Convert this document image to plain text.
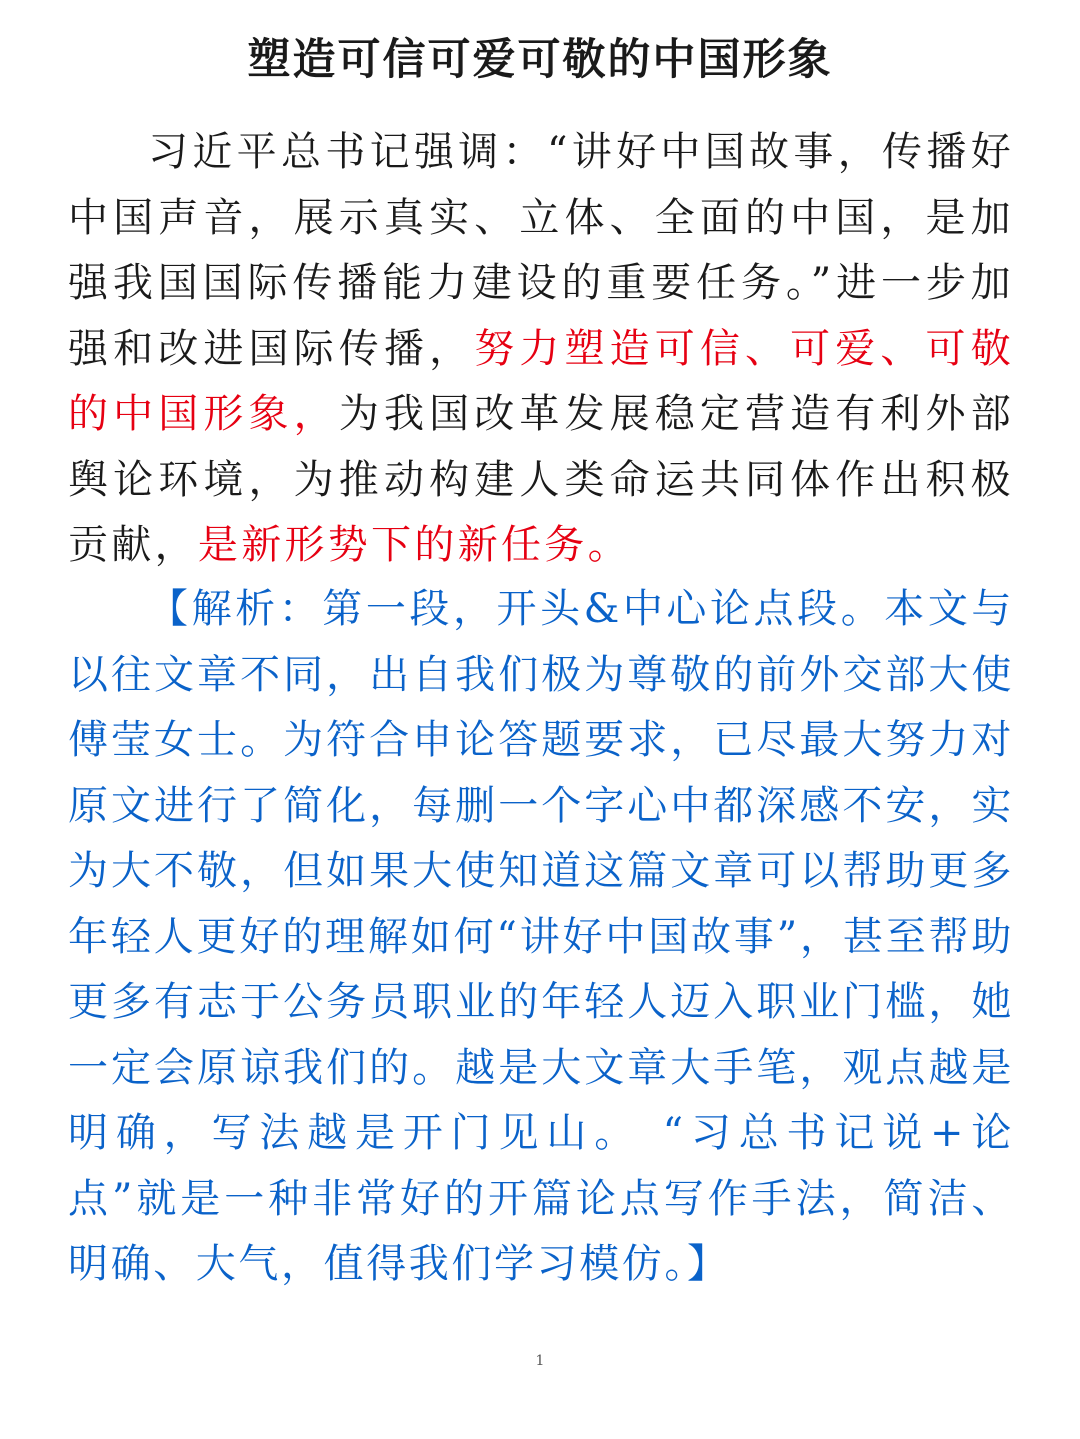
塑造可信可爱可敬的中国形象

习近平总书记强调：“讲好中国故事，传播好中国声音，展示真实、立体、全面的中国，是加强我国国际传播能力建设的重要任务。”进一步加强和改进国际传播，努力塑造可信、可爱、可敬的中国形象，为我国改革发展稳定营造有利外部舆论环境，为推动构建人类命运共同体作出积极贡献，是新形势下的新任务。

【解析：第一段，开头&中心论点段。本文与以往文章不同，出自我们极为尊敬的前外交部大使傅莹女士。为符合申论答题要求，已尽最大努力对原文进行了简化，每删一个字心中都深感不安，实为大不敬，但如果大使知道这篇文章可以帮助更多年轻人更好的理解如何“讲好中国故事”，甚至帮助更多有志于公务员职业的年轻人迈入职业门槛，她一定会原谅我们的。越是大文章大手笔，观点越是明确，写法越是开门见山。 “习总书记说+论点”就是一种非常好的开篇论点写作手法，简洁、明确、大气，值得我们学习模仿。】

1
